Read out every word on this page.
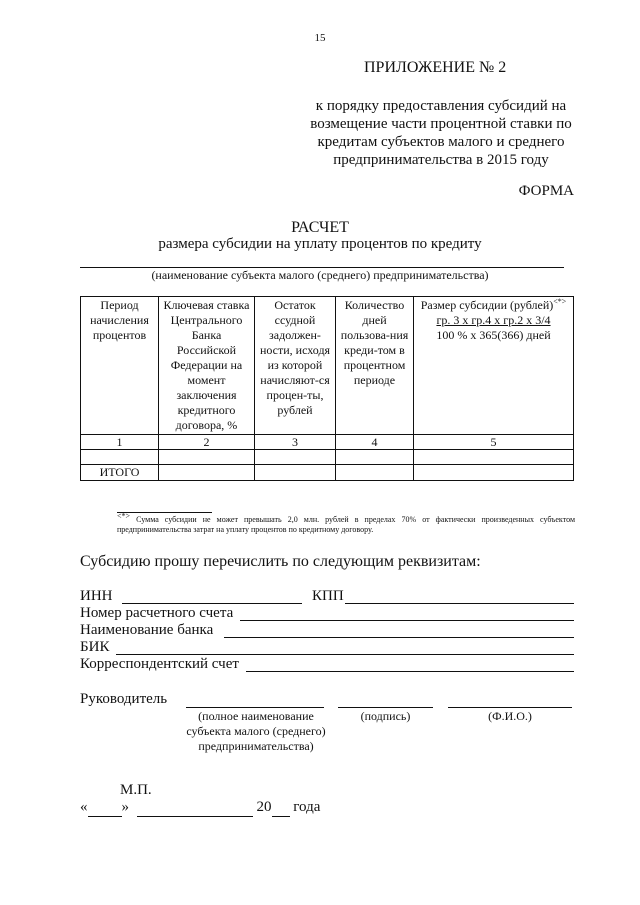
15
ПРИЛОЖЕНИЕ № 2
к порядку предоставления субсидий на возмещение части процентной ставки по кредитам субъектов малого и среднего предпринимательства в 2015 году
ФОРМА
РАСЧЕТ
размера субсидии на уплату процентов по кредиту
(наименование субъекта малого (среднего) предпринимательства)
Период начисления процентов	Ключевая ставка Центрального Банка Российской Федерации на момент заключения кредитного договора, %	Остаток ссудной задолжен-ности, исходя из которой начисляют-ся процен-ты, рублей	Количество дней пользова-ния креди-том в процентном периоде	Размер субсидии (рублей)<*>
гр. 3 х гр.4 х гр.2 х 3/4
100 % х 365(366) дней
1	2	3	4	5

ИТОГО				
<*> Сумма субсидии не может превышать 2,0 млн. рублей в пределах 70% от фактически произведенных субъектом предпринимательства затрат на уплату процентов по кредитному договору.
Субсидию прошу перечислить по следующим реквизитам:
ИНН	КПП
Номер расчетного счета
Наименование банка
БИК
Корреспондентский счет
Руководитель
(полное наименование субъекта малого (среднего) предпринимательства)
(подпись)	(Ф.И.О.)
М.П.
« »	20 года
